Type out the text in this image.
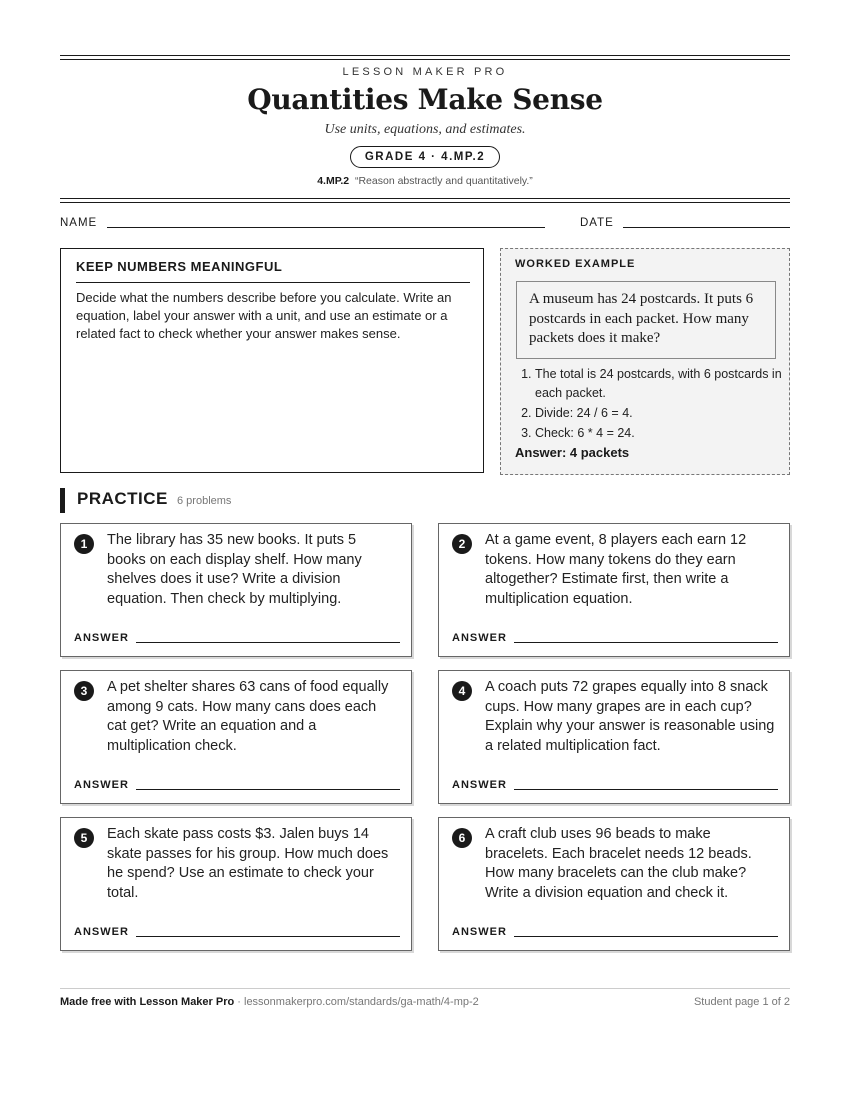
LESSON MAKER PRO
Quantities Make Sense
Use units, equations, and estimates.
GRADE 4 · 4.MP.2
4.MP.2 “Reason abstractly and quantitatively.”
NAME	DATE
KEEP NUMBERS MEANINGFUL

Decide what the numbers describe before you calculate. Write an equation, label your answer with a unit, and use an estimate or a related fact to check whether your answer makes sense.

WORKED EXAMPLE
A museum has 24 postcards. It puts 6 postcards in each packet. How many packets does it make?
1. The total is 24 postcards, with 6 postcards in each packet.
2. Divide: 24 / 6 = 4.
3. Check: 6 * 4 = 24.
Answer: 4 packets
PRACTICE 6 problems
1	The library has 35 new books. It puts 5 books on each display shelf. How many shelves does it use? Write a division equation. Then check by multiplying.
ANSWER
2	At a game event, 8 players each earn 12 tokens. How many tokens do they earn altogether? Estimate first, then write a multiplication equation.
ANSWER
3	A pet shelter shares 63 cans of food equally among 9 cats. How many cans does each cat get? Write an equation and a multiplication check.
ANSWER
4	A coach puts 72 grapes equally into 8 snack cups. How many grapes are in each cup? Explain why your answer is reasonable using a related multiplication fact.
ANSWER
5	Each skate pass costs $3. Jalen buys 14 skate passes for his group. How much does he spend? Use an estimate to check your total.
ANSWER
6	A craft club uses 96 beads to make bracelets. Each bracelet needs 12 beads. How many bracelets can the club make? Write a division equation and check it.
ANSWER
Made free with Lesson Maker Pro · lessonmakerpro.com/standards/ga-math/4-mp-2	Student page 1 of 2
